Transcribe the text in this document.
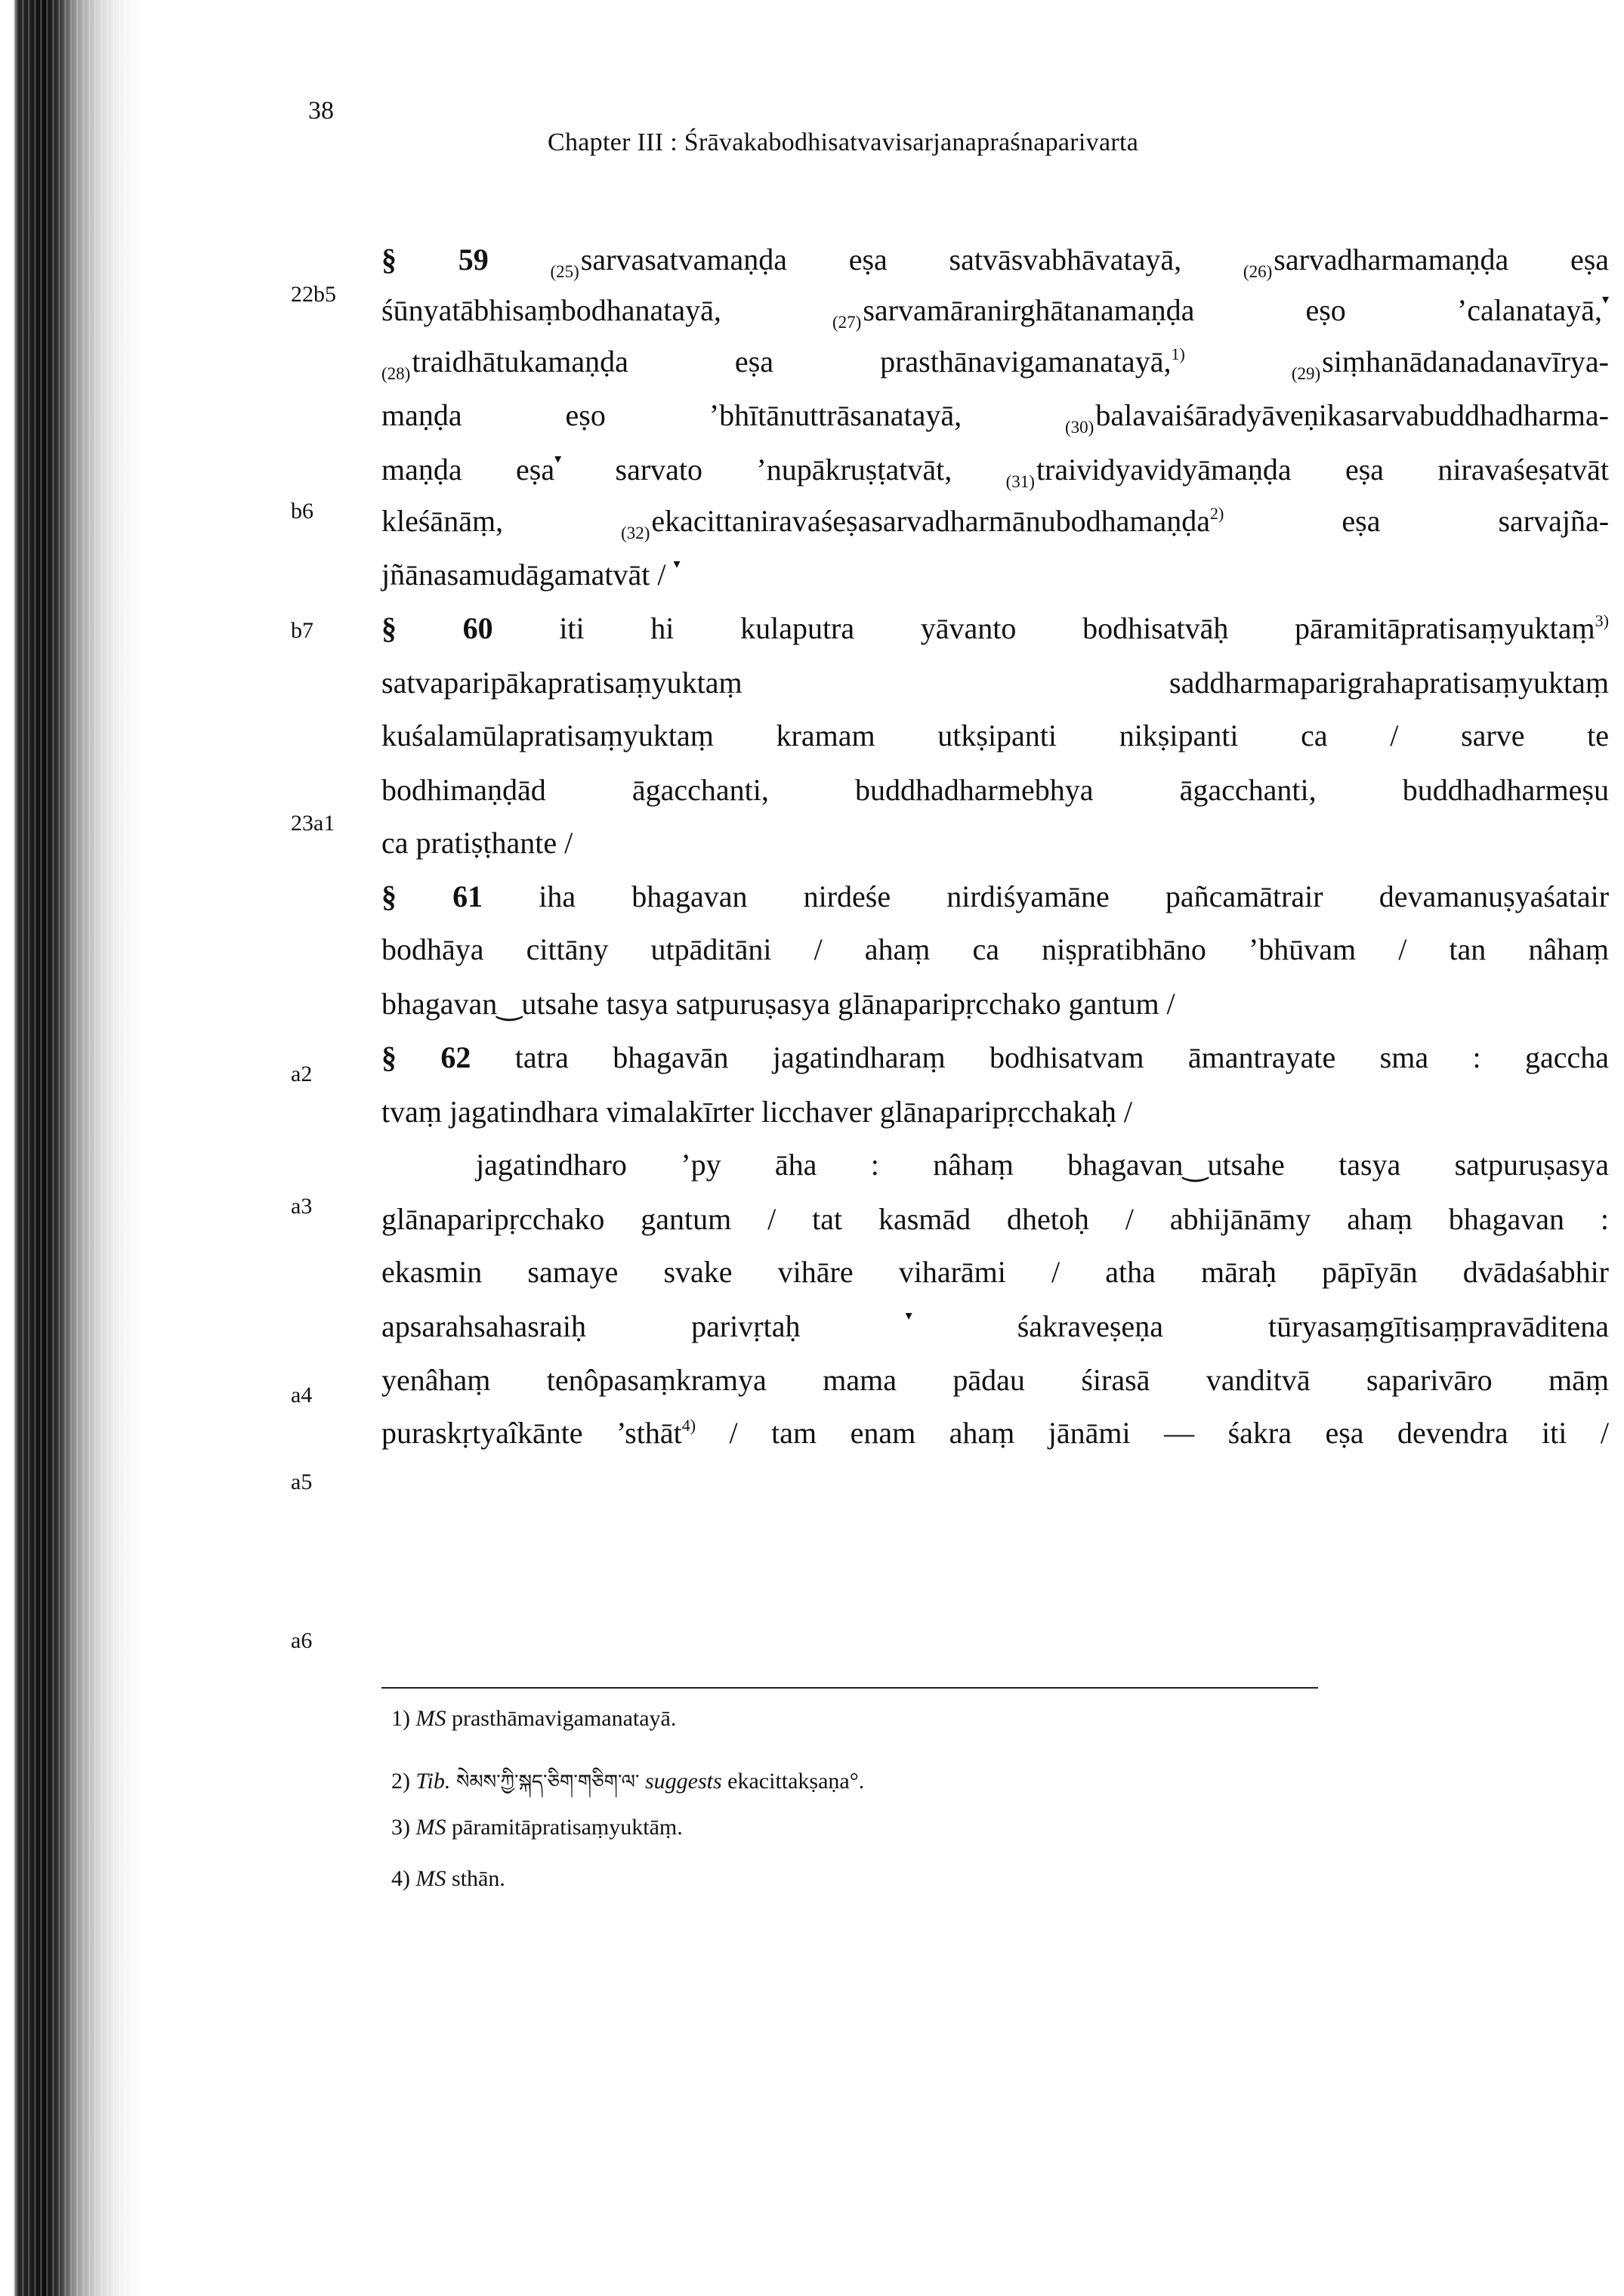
38
Chapter III : Śrāvakabodhisatvavisarjanapraśnaparivarta
22b5
b6
b7
23a1
a2
a3
a4
a5
a6
§ 59	$_{(25)}$sarvasatvamaṇḍa eṣa satvāsvabhāvatayā,	$_{(26)}$sarvadharmamaṇḍa eṣa
śūnyatābhisaṃbodhanatayā,	$_{(27)}$sarvamāranirghātanamaṇḍa eṣo ’calanatayā,▾
$_{(28)}$traidhātukamaṇḍa eṣa prasthānavigamanatayā,$^{1)}$ $_{(29)}$siṃhanādanadanavīrya-
maṇḍa eṣo ’bhītānuttrāsanatayā,	$_{(30)}$balavaiśāradyāveṇikasarvabuddhadharma-
maṇḍa eṣa▾ sarvato ’nupākruṣṭatvāt,	$_{(31)}$traividyavidyāmaṇḍa eṣa niravaśeṣatvāt
kleśānāṃ,	$_{(32)}$ekacittaniravaśeṣasarvadharmānubodhamaṇḍa$^{2)}$	eṣa sarvajña-
jñānasamudāgamatvāt / ▾
§ 60 iti hi kulaputra yāvanto bodhisatvāḥ pāramitāpratisaṃyuktaṃ$^{3)}$
satvaparipākapratisaṃyuktaṃ saddharmaparigrahapratisaṃyuktaṃ
kuśalamūlapratisaṃyuktaṃ kramam utkṣipanti nikṣipanti ca / sarve te
bodhimaṇḍād āgacchanti, buddhadharmebhya āgacchanti, buddhadharmeṣu
ca pratiṣṭhante /
§ 61 iha bhagavan nirdeśe nirdiśyamāne pañcamātrair devamanuṣyaśatair
bodhāya cittāny utpāditāni / ahaṃ ca niṣpratibhāno ’bhūvam / tan nâhaṃ
bhagavan‿utsahe tasya satpuruṣasya glānaparipṛcchako gantum /
§ 62 tatra bhagavān jagatindharaṃ bodhisatvam āmantrayate sma : gaccha
tvaṃ jagatindhara vimalakīrter licchaver glānaparipṛcchakaḥ /
jagatindharo ’py āha : nâhaṃ bhagavan‿utsahe tasya satpuruṣasya
glānaparipṛcchako gantum / tat kasmād dhetoḥ / abhijānāmy ahaṃ bhagavan :
ekasmin samaye svake vihāre viharāmi / atha māraḥ pāpīyān dvādaśabhir
apsarahsahasraiḥ parivṛtaḥ	▾	śakraveṣeṇa tūryasaṃgītisaṃpravāditena
yenâhaṃ tenôpasaṃkramya mama pādau śirasā vanditvā saparivāro māṃ
puraskṛtyaîkānte ’sthāt$^{4)}$ / tam enam ahaṃ jānāmi — śakra eṣa devendra iti /
1) MS prasthāmavigamanatayā.
2) Tib. སེམས་ཀྱི་སྐད་ཅིག་གཅིག་ལ་ suggests ekacittakṣaṇa°.
3) MS pāramitāpratisaṃyuktāṃ.
4) MS sthān.
